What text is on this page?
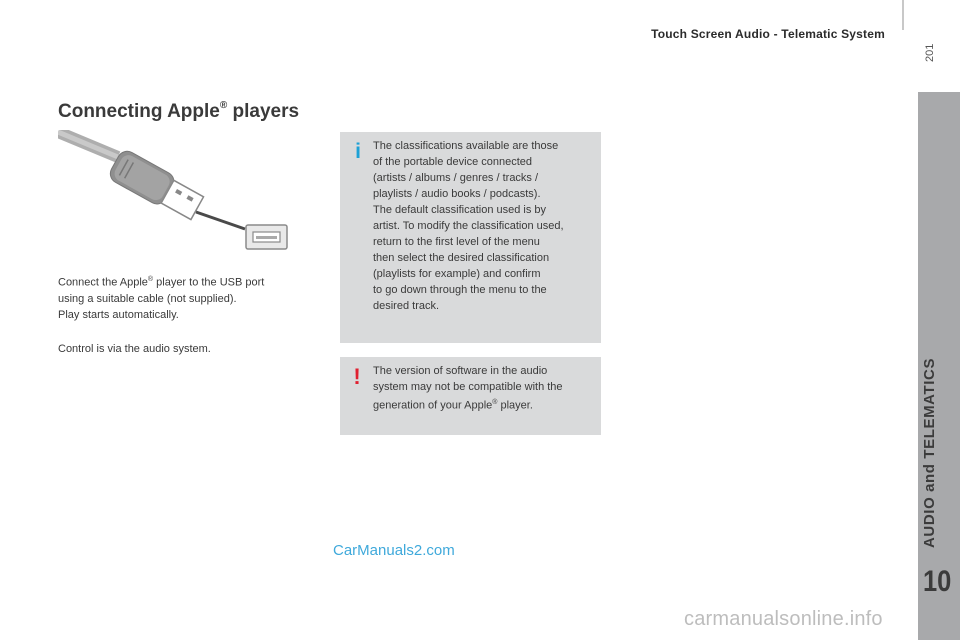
Touch Screen Audio - Telematic System
201
AUDIO and TELEMATICS
10
Connecting Apple® players
Connect the Apple® player to the USB port
using a suitable cable (not supplied).
Play starts automatically.
Control is via the audio system.
i The classifications available are those
of the portable device connected
(artists / albums / genres / tracks /
playlists / audio books / podcasts).
The default classification used is by
artist. To modify the classification used,
return to the first level of the menu
then select the desired classification
(playlists for example) and confirm
to go down through the menu to the
desired track.
! The version of software in the audio
system may not be compatible with the
generation of your Apple® player.
CarManuals2.com
carmanualsonline.info
